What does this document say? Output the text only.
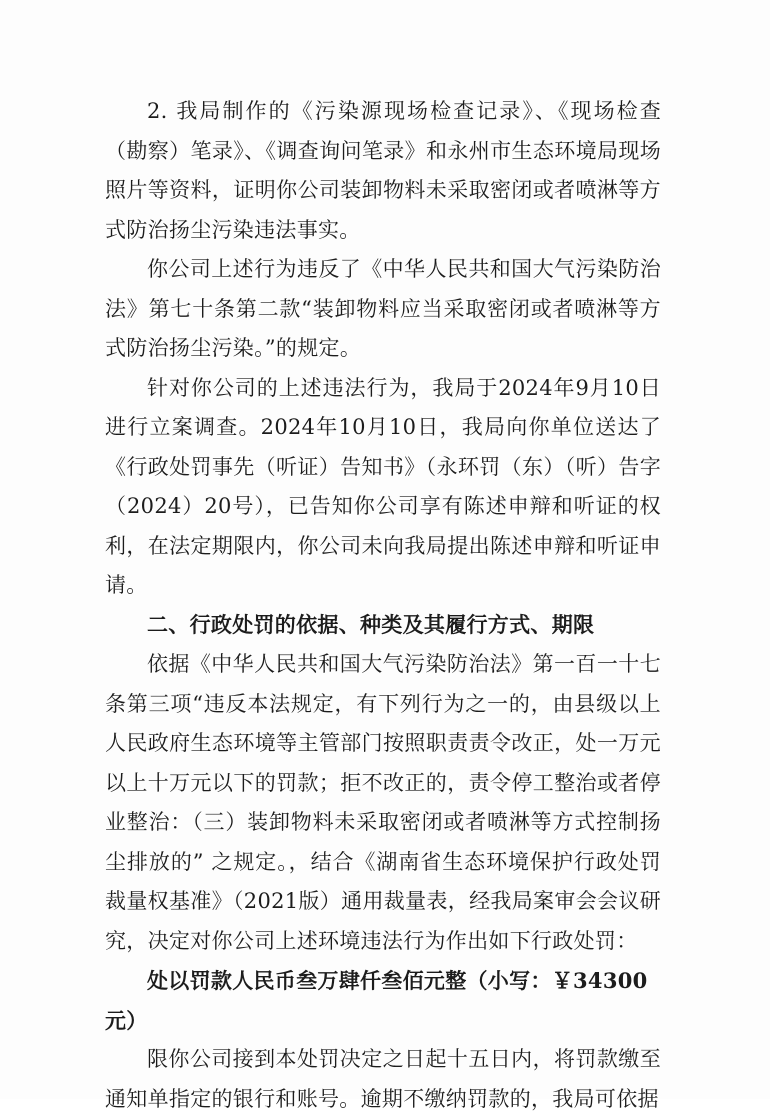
2. 我局制作的《污染源现场检查记录》、《现场检查（勘察）笔录》、《调查询问笔录》和永州市生态环境局现场照片等资料，证明你公司装卸物料未采取密闭或者喷淋等方式防治扬尘污染违法事实。

你公司上述行为违反了《中华人民共和国大气污染防治法》第七十条第二款“装卸物料应当采取密闭或者喷淋等方式防治扬尘污染。”的规定。

针对你公司的上述违法行为，我局于2024年9月10日进行立案调查。2024年10月10日，我局向你单位送达了《行政处罚事先（听证）告知书》（永环罚（东）（听）告字（2024）20号），已告知你公司享有陈述申辩和听证的权利，在法定期限内，你公司未向我局提出陈述申辩和听证申请。

二、行政处罚的依据、种类及其履行方式、期限

依据《中华人民共和国大气污染防治法》第一百一十七条第三项“违反本法规定，有下列行为之一的，由县级以上人民政府生态环境等主管部门按照职责责令改正，处一万元以上十万元以下的罚款；拒不改正的，责令停工整治或者停业整治：（三）装卸物料未采取密闭或者喷淋等方式控制扬尘排放的” 之规定。，结合《湖南省生态环境保护行政处罚裁量权基准》（2021版）通用裁量表，经我局案审会会议研究，决定对你公司上述环境违法行为作出如下行政处罚：

处以罚款人民币叁万肆仟叁佰元整（小写：￥34300 元）

限你公司接到本处罚决定之日起十五日内，将罚款缴至通知单指定的银行和账号。逾期不缴纳罚款的，我局可依据
